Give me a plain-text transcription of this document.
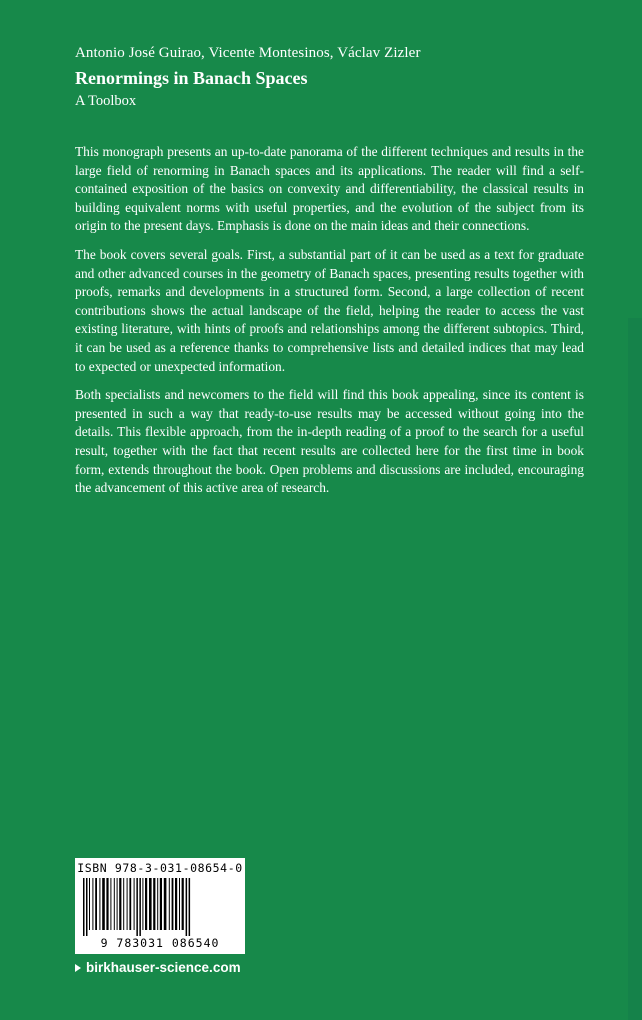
Antonio José Guirao, Vicente Montesinos, Václav Zizler
Renormings in Banach Spaces
A Toolbox

This monograph presents an up-to-date panorama of the different techniques and results in the large field of renorming in Banach spaces and its applications. The reader will find a self-contained exposition of the basics on convexity and differentiability, the classical results in building equivalent norms with useful properties, and the evolution of the subject from its origin to the present days. Emphasis is done on the main ideas and their connections.

The book covers several goals. First, a substantial part of it can be used as a text for graduate and other advanced courses in the geometry of Banach spaces, presenting results together with proofs, remarks and developments in a structured form. Second, a large collection of recent contributions shows the actual landscape of the field, helping the reader to access the vast existing literature, with hints of proofs and relationships among the different subtopics. Third, it can be used as a reference thanks to comprehensive lists and detailed indices that may lead to expected or unexpected information.

Both specialists and newcomers to the field will find this book appealing, since its content is presented in such a way that ready-to-use results may be accessed without going into the details. This flexible approach, from the in-depth reading of a proof to the search for a useful result, together with the fact that recent results are collected here for the first time in book form, extends throughout the book. Open problems and discussions are included, encouraging the advancement of this active area of research.

ISBN 978-3-031-08654-0
9 783031 086540
birkhauser-science.com
